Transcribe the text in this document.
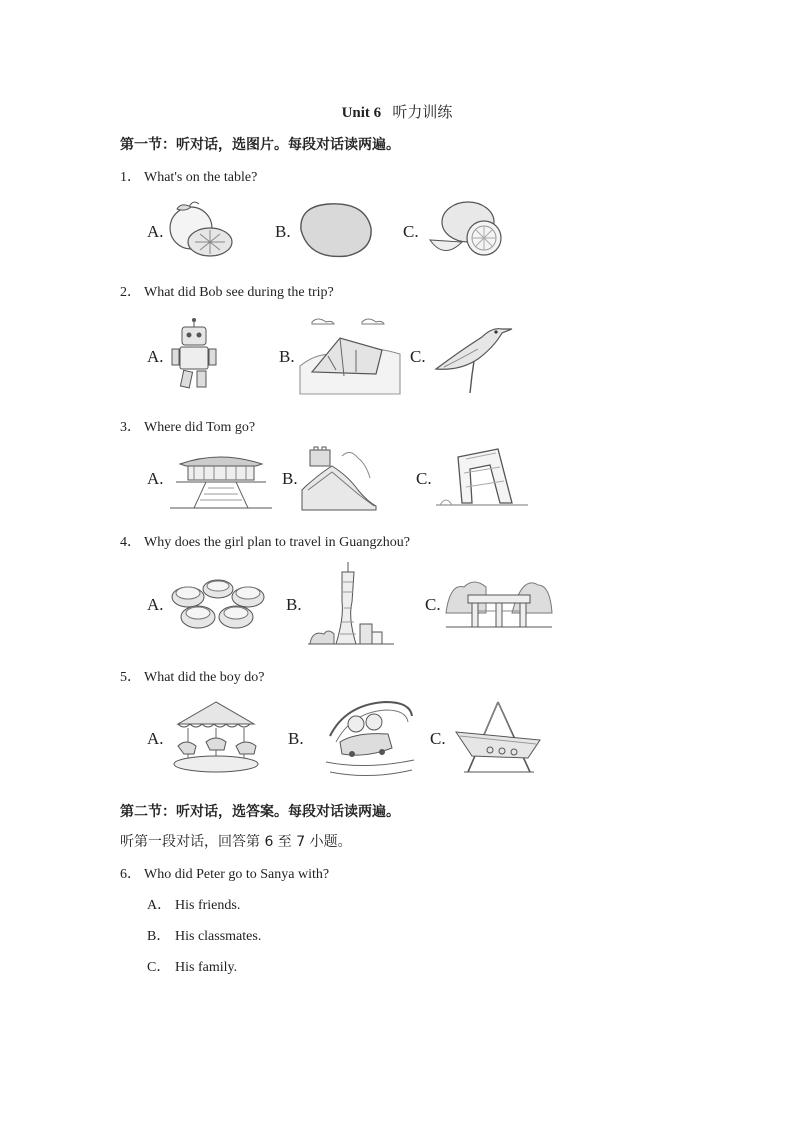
Unit 6 听力训练
第一节：听对话，选图片。每段对话读两遍。
1． What's on the table?
A.	B.	C.
2． What did Bob see during the trip?
A.	B.	C.
3． Where did Tom go?
A.	B.	C.
4． Why does the girl plan to travel in Guangzhou?
A.	B.	C.
5． What did the boy do?
A.	B.	C.
第二节：听对话，选答案。每段对话读两遍。
听第一段对话，回答第 6 至 7 小题。
6． Who did Peter go to Sanya with?
A． His friends.
B． His classmates.
C． His family.
